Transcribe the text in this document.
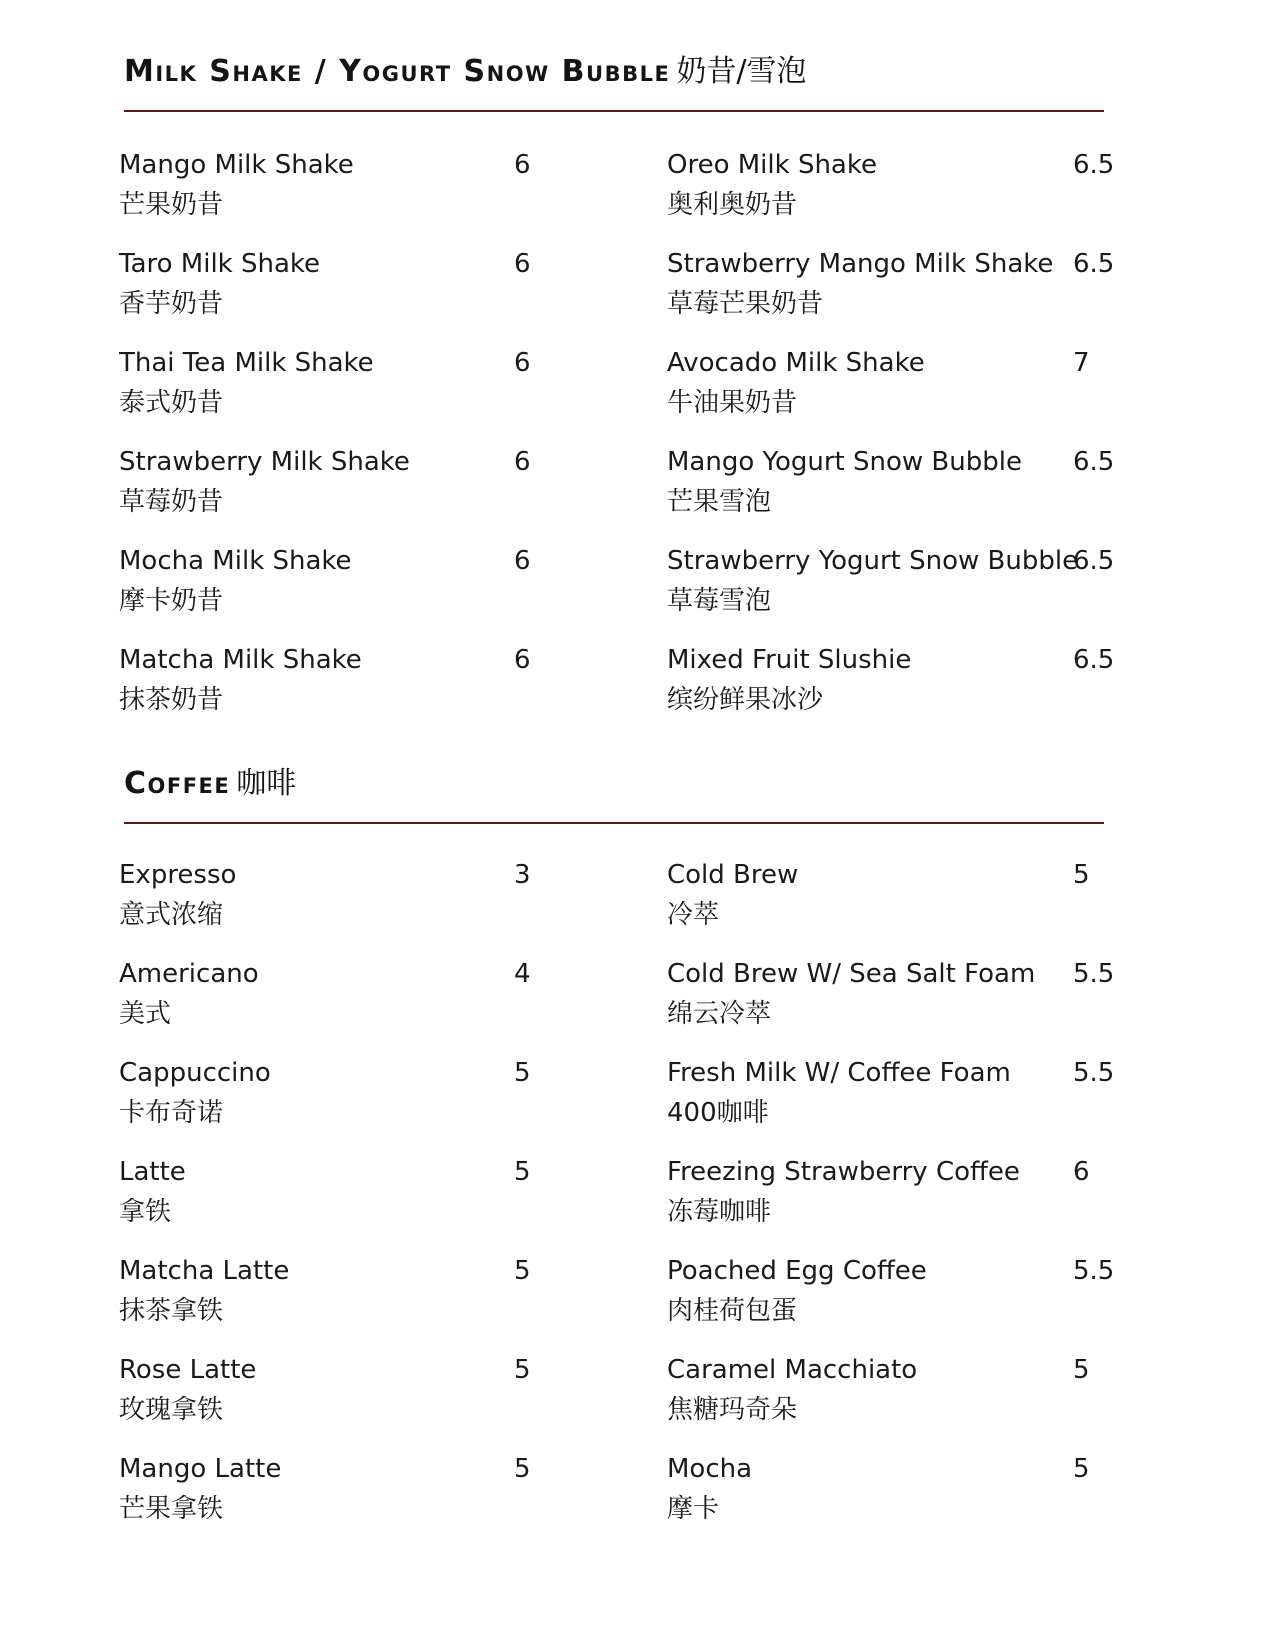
Milk Shake / Yogurt Snow Bubble 奶昔/雪泡
Mango Milk Shake
芒果奶昔
6
Taro Milk Shake
香芋奶昔
6
Thai Tea Milk Shake
泰式奶昔
6
Strawberry Milk Shake
草莓奶昔
6
Mocha Milk Shake
摩卡奶昔
6
Matcha Milk Shake
抹茶奶昔
6
Oreo Milk Shake
奥利奥奶昔
6.5
Strawberry Mango Milk Shake
草莓芒果奶昔
6.5
Avocado Milk Shake
牛油果奶昔
7
Mango Yogurt Snow Bubble
芒果雪泡
6.5
Strawberry Yogurt Snow Bubble
草莓雪泡
6.5
Mixed Fruit Slushie
缤纷鲜果冰沙
6.5
Coffee 咖啡
Expresso
意式浓缩
3
Americano
美式
4
Cappuccino
卡布奇诺
5
Latte
拿铁
5
Matcha Latte
抹茶拿铁
5
Rose Latte
玫瑰拿铁
5
Mango Latte
芒果拿铁
5
Cold Brew
冷萃
5
Cold Brew W/ Sea Salt Foam
绵云冷萃
5.5
Fresh Milk W/ Coffee Foam
400咖啡
5.5
Freezing Strawberry Coffee
冻莓咖啡
6
Poached Egg Coffee
肉桂荷包蛋
5.5
Caramel Macchiato
焦糖玛奇朵
5
Mocha
摩卡
5
